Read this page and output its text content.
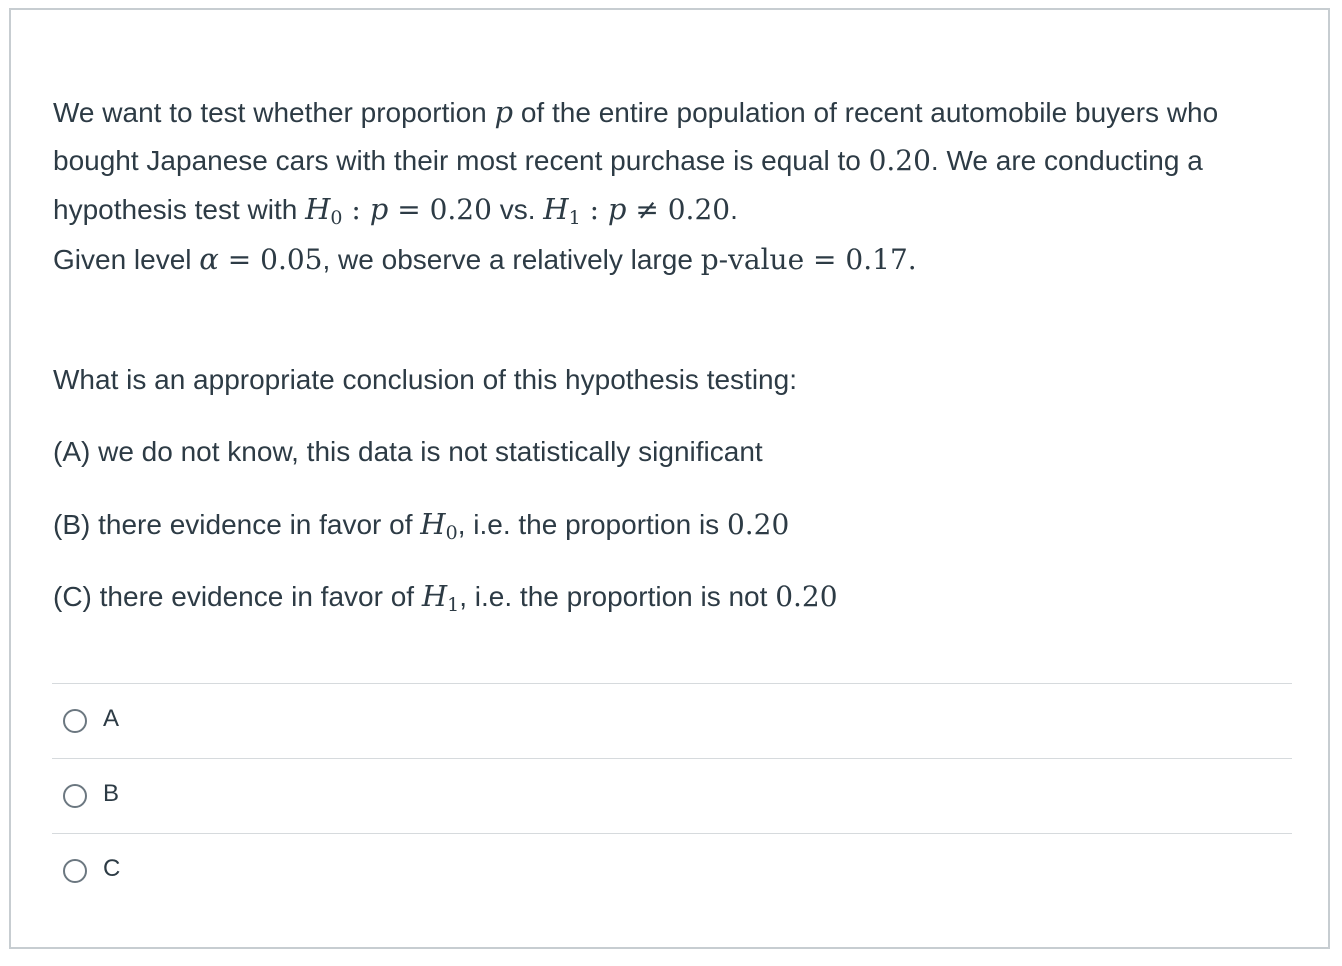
We want to test whether proportion p of the entire population of recent automobile buyers who bought Japanese cars with their most recent purchase is equal to 0.20. We are conducting a hypothesis test with $H_0$ : p = 0.20 vs. $H_1$ : p ≠ 0.20.

Given level α = 0.05, we observe a relatively large p-value = 0.17.

What is an appropriate conclusion of this hypothesis testing:

(A) we do not know, this data is not statistically significant

(B) there evidence in favor of $H_0$, i.e. the proportion is 0.20

(C) there evidence in favor of $H_1$, i.e. the proportion is not 0.20

A
B
C
